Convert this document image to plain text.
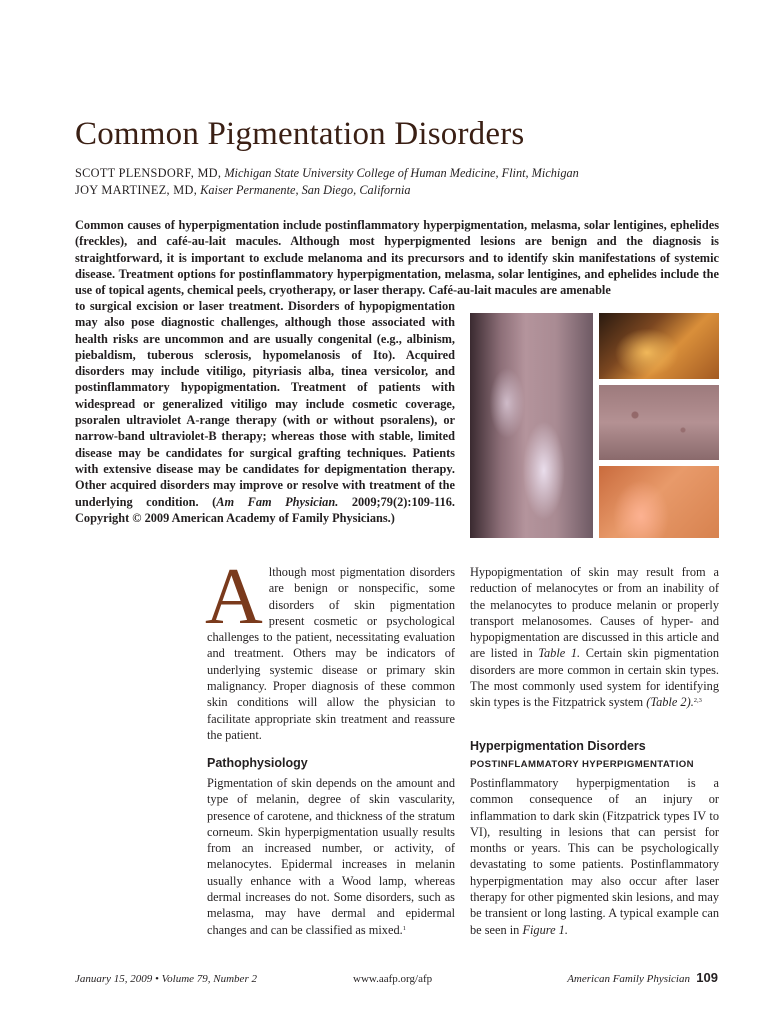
Common Pigmentation Disorders
SCOTT PLENSDORF, MD, Michigan State University College of Human Medicine, Flint, Michigan
JOY MARTINEZ, MD, Kaiser Permanente, San Diego, California

Common causes of hyperpigmentation include postinflammatory hyperpigmentation, melasma, solar lentigines, ephelides (freckles), and café-au-lait macules. Although most hyperpigmented lesions are benign and the diagnosis is straightforward, it is important to exclude melanoma and its precursors and to identify skin manifestations of systemic disease. Treatment options for postinflammatory hyperpigmentation, melasma, solar lentigines, and ephelides include the use of topical agents, chemical peels, cryotherapy, or laser therapy. Café-au-lait macules are amenable

to surgical excision or laser treatment. Disorders of hypopigmentation may also pose diagnostic challenges, although those associated with health risks are uncommon and are usually congenital (e.g., albinism, piebaldism, tuberous sclerosis, hypomelanosis of Ito). Acquired disorders may include vitiligo, pityriasis alba, tinea versicolor, and postinflammatory hypopigmentation. Treatment of patients with widespread or generalized vitiligo may include cosmetic coverage, psoralen ultraviolet A-range therapy (with or without psoralens), or narrow-band ultraviolet-B therapy; whereas those with stable, limited disease may be candidates for surgical grafting techniques. Patients with extensive disease may be candidates for depigmentation therapy. Other acquired disorders may improve or resolve with treatment of the underlying condition. (Am Fam Physician. 2009;79(2):109-116. Copyright © 2009 American Academy of Family Physicians.)

Although most pigmentation disorders are benign or nonspecific, some disorders of skin pigmentation present cosmetic or psychological challenges to the patient, necessitating evaluation and treatment. Others may be indicators of underlying systemic disease or primary skin malignancy. Proper diagnosis of these common skin conditions will allow the physician to facilitate appropriate skin treatment and reassure the patient.

Pathophysiology

Pigmentation of skin depends on the amount and type of melanin, degree of skin vascularity, presence of carotene, and thickness of the stratum corneum. Skin hyperpigmentation usually results from an increased number, or activity, of melanocytes. Epidermal increases in melanin usually enhance with a Wood lamp, whereas dermal increases do not. Some disorders, such as melasma, may have dermal and epidermal changes and can be classified as mixed.$^1$

Hypopigmentation of skin may result from a reduction of melanocytes or from an inability of the melanocytes to produce melanin or properly transport melanosomes. Causes of hyper- and hypopigmentation are discussed in this article and are listed in Table 1. Certain skin pigmentation disorders are more common in certain skin types. The most commonly used system for identifying skin types is the Fitzpatrick system (Table 2).$^{2,3}$

Hyperpigmentation Disorders
POSTINFLAMMATORY HYPERPIGMENTATION

Postinflammatory hyperpigmentation is a common consequence of an injury or inflammation to dark skin (Fitzpatrick types IV to VI), resulting in lesions that can persist for months or years. This can be psychologically devastating to some patients. Postinflammatory hyperpigmentation may also occur after laser therapy for other pigmented skin lesions, and may be transient or long lasting. A typical example can be seen in Figure 1.

January 15, 2009 • Volume 79, Number 2	www.aafp.org/afp	American Family Physician 109
